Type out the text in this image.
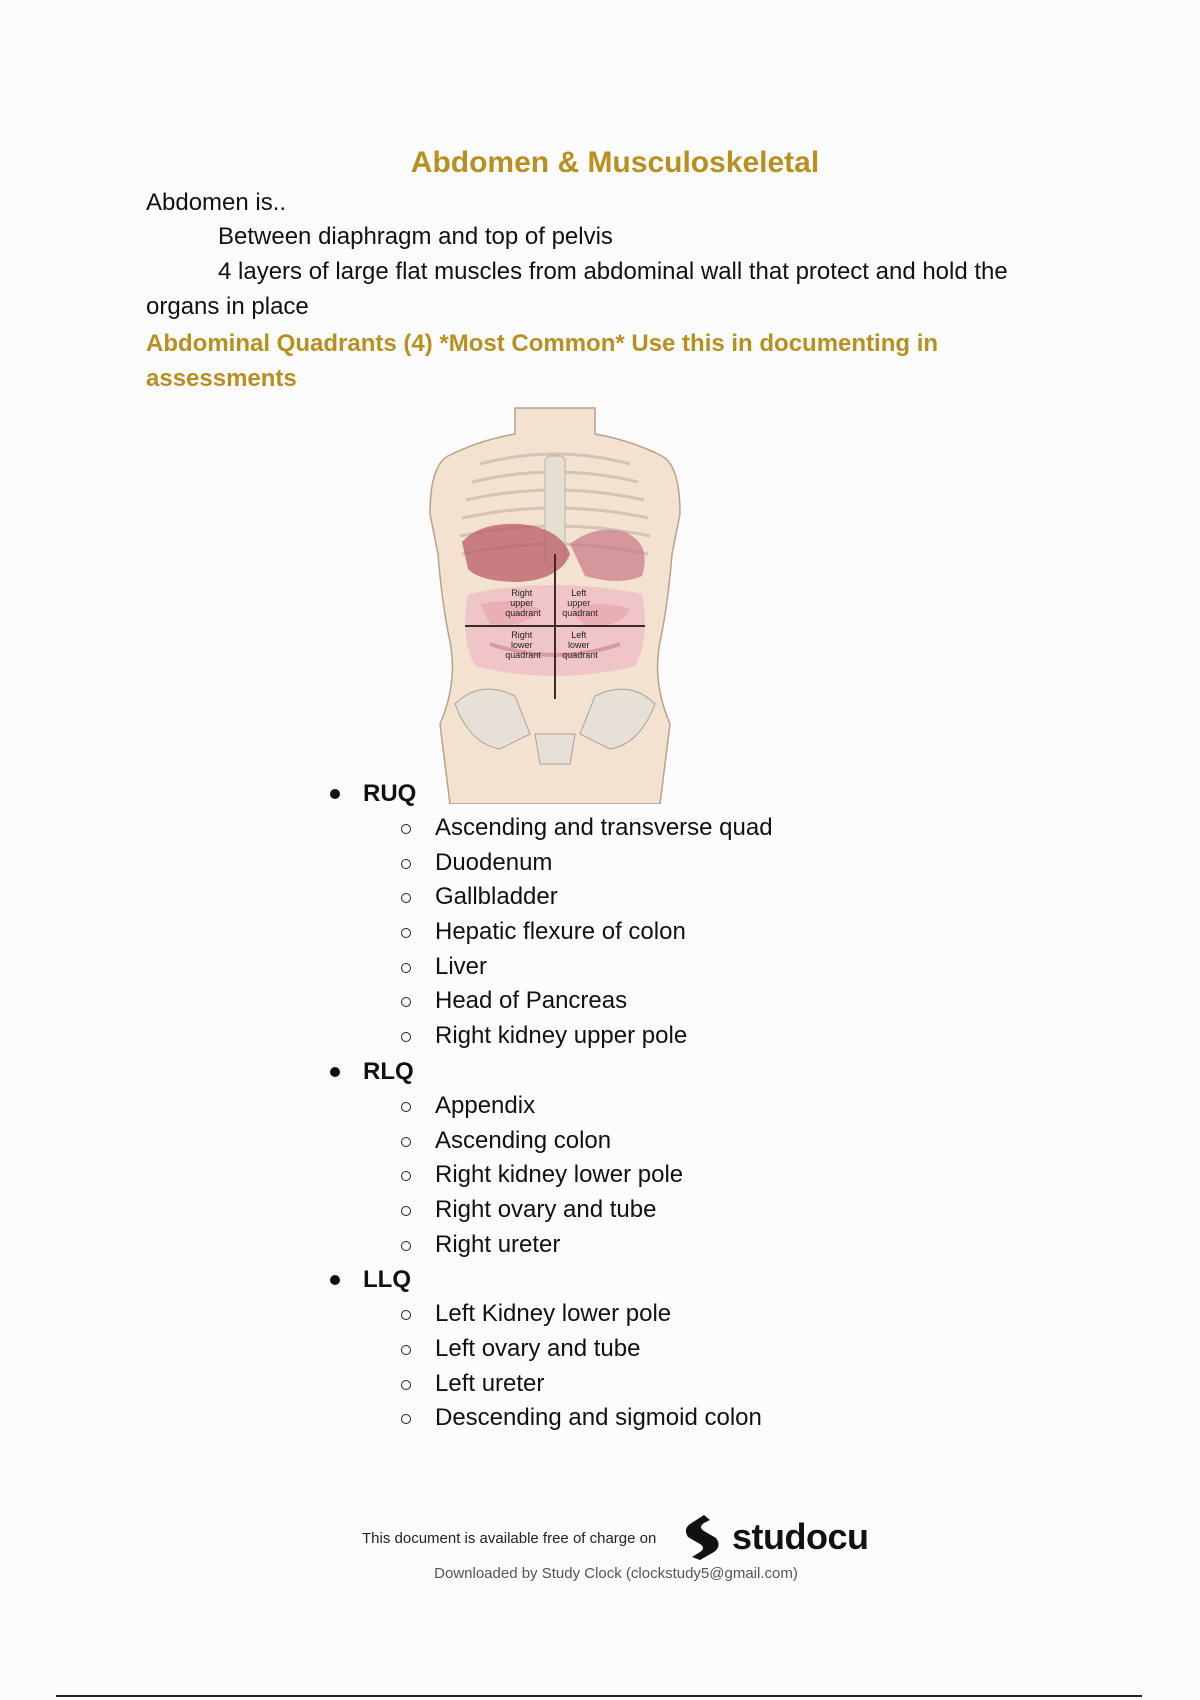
Abdomen & Musculoskeletal
Abdomen is..
Between diaphragm and top of pelvis
4 layers of large flat muscles from abdominal wall that protect and hold the
organs in place
Abdominal Quadrants (4) *Most Common* Use this in documenting in assessments
Right upper quadrant
Left upper quadrant
Right lower quadrant
Left lower quadrant
RUQ
Ascending and transverse quad
Duodenum
Gallbladder
Hepatic flexure of colon
Liver
Head of Pancreas
Right kidney upper pole
RLQ
Appendix
Ascending colon
Right kidney lower pole
Right ovary and tube
Right ureter
LLQ
Left Kidney lower pole
Left ovary and tube
Left ureter
Descending and sigmoid colon
This document is available free of charge on studocu
Downloaded by Study Clock (clockstudy5@gmail.com)
